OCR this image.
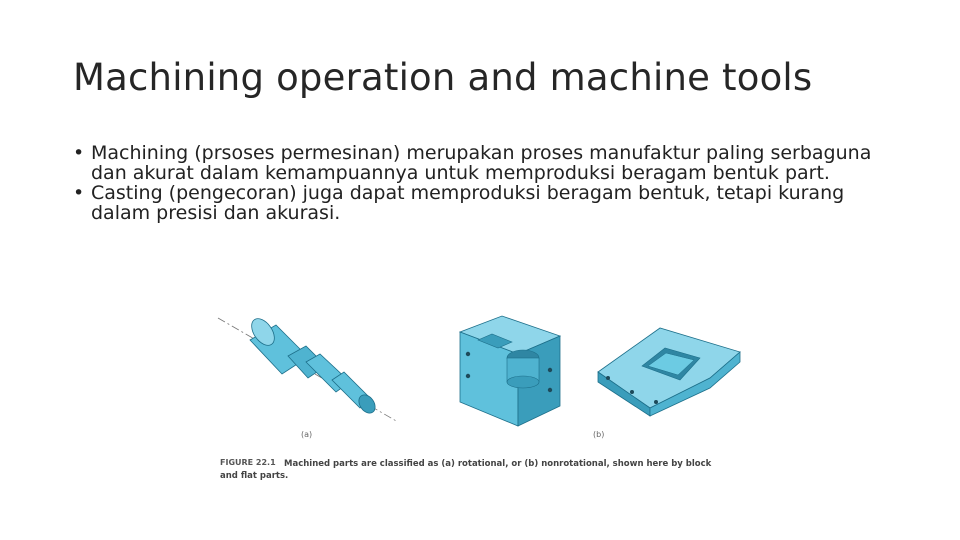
Machining operation and machine tools
• Machining (prsoses permesinan) merupakan proses manufaktur paling serbaguna dan akurat dalam kemampuannya untuk memproduksi beragam bentuk part.
• Casting (pengecoran) juga dapat memproduksi beragam bentuk, tetapi kurang dalam presisi dan akurasi.
(a)	(b)
FIGURE 22.1 Machined parts are classified as (a) rotational, or (b) nonrotational, shown here by block
and flat parts.
